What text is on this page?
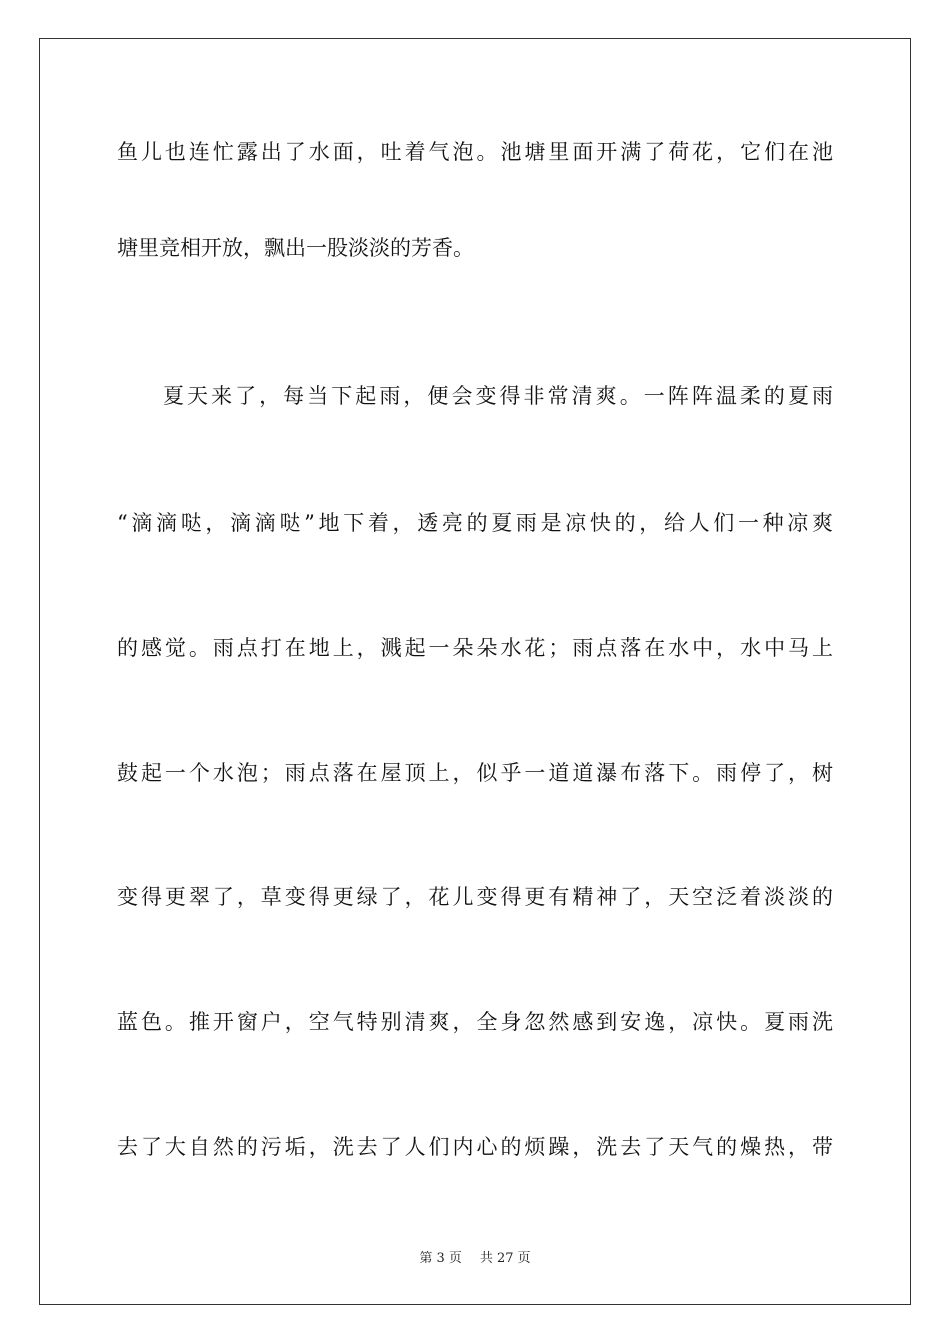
鱼儿也连忙露出了水面，吐着气泡。池塘里面开满了荷花，它们在池
塘里竞相开放，飘出一股淡淡的芳香。
夏天来了，每当下起雨，便会变得非常清爽。一阵阵温柔的夏雨
“滴滴哒，滴滴哒”地下着，透亮的夏雨是凉快的，给人们一种凉爽
的感觉。雨点打在地上，溅起一朵朵水花；雨点落在水中，水中马上
鼓起一个水泡；雨点落在屋顶上，似乎一道道瀑布落下。雨停了，树
变得更翠了，草变得更绿了，花儿变得更有精神了，天空泛着淡淡的
蓝色。推开窗户，空气特别清爽，全身忽然感到安逸，凉快。夏雨洗
去了大自然的污垢，洗去了人们内心的烦躁，洗去了天气的燥热，带
第 3 页 共 27 页
